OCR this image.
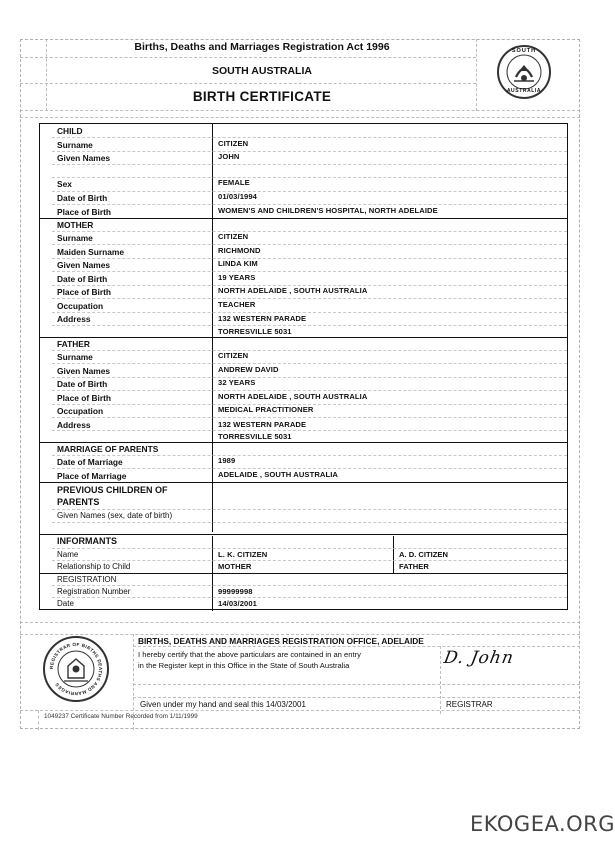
Births, Deaths and Marriages Registration Act 1996
SOUTH AUSTRALIA
BIRTH CERTIFICATE
SOUTH
AUSTRALIA
CHILD
Surname	CITIZEN
Given Names	JOHN
Sex	FEMALE
Date of Birth	01/03/1994
Place of Birth	WOMEN'S AND CHILDREN'S HOSPITAL, NORTH ADELAIDE
MOTHER
Surname	CITIZEN
Maiden Surname	RICHMOND
Given Names	LINDA KIM
Date of Birth	19 YEARS
Place of Birth	NORTH ADELAIDE , SOUTH AUSTRALIA
Occupation	TEACHER
Address	132 WESTERN PARADE
TORRESVILLE 5031
FATHER
Surname	CITIZEN
Given Names	ANDREW DAVID
Date of Birth	32 YEARS
Place of Birth	NORTH ADELAIDE , SOUTH AUSTRALIA
Occupation	MEDICAL PRACTITIONER
Address	132 WESTERN PARADE
TORRESVILLE 5031
MARRIAGE OF PARENTS
Date of Marriage	1989
Place of Marriage	ADELAIDE , SOUTH AUSTRALIA
PREVIOUS CHILDREN OF
PARENTS
Given Names (sex, date of birth)
INFORMANTS
Name	L. K. CITIZEN	A. D. CITIZEN
Relationship to Child	MOTHER	FATHER
REGISTRATION
Registration Number	99999998
Date	14/03/2001
REGISTRAR OF BIRTHS DEATHS AND MARRIAGES
BIRTHS, DEATHS AND MARRIAGES REGISTRATION OFFICE, ADELAIDE
I hereby certify that the above particulars are contained in an entry
in the Register kept in this Office in the State of South Australia
Given under my hand and seal this 14/03/2001	REGISTRAR
1049237 Certificate Number Recorded from 1/11/1999
D. John
EKOGEA.ORG
